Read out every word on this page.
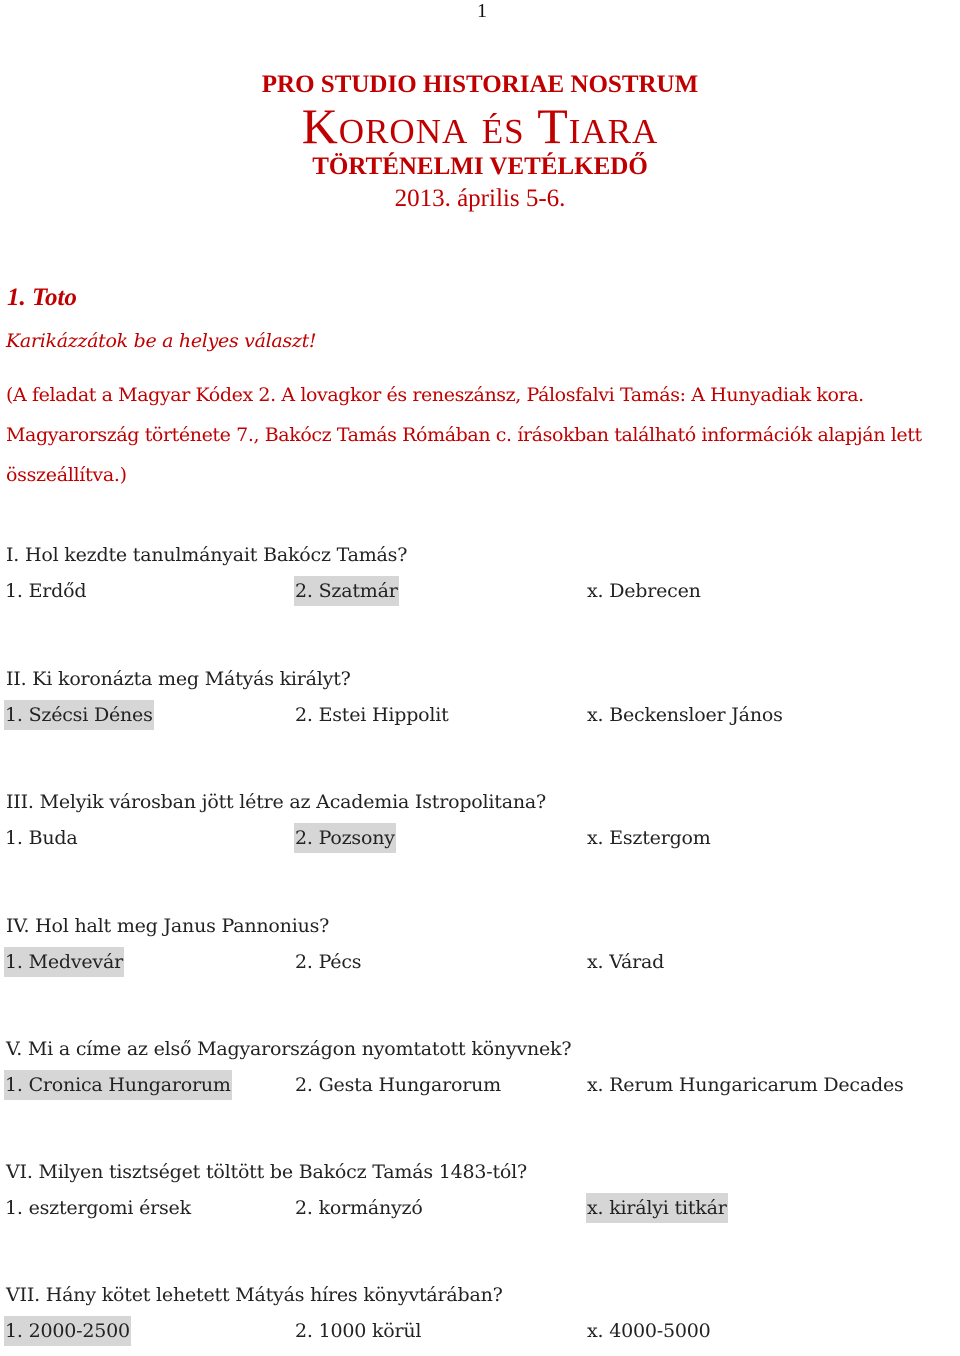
1
PRO STUDIO HISTORIAE NOSTRUM
Korona és Tiara
TÖRTÉNELMI VETÉLKEDŐ
2013. április 5-6.
1. Toto
Karikázzátok be a helyes választ!
(A feladat a Magyar Kódex 2. A lovagkor és reneszánsz, Pálosfalvi Tamás: A Hunyadiak kora.
Magyarország története 7., Bakócz Tamás Rómában c. írásokban található információk alapján lett
összeállítva.)
I. Hol kezdte tanulmányait Bakócz Tamás?
1. Erdőd	2. Szatmár	x. Debrecen
II. Ki koronázta meg Mátyás királyt?
1. Szécsi Dénes	2. Estei Hippolit	x. Beckensloer János
III. Melyik városban jött létre az Academia Istropolitana?
1. Buda	2. Pozsony	x. Esztergom
IV. Hol halt meg Janus Pannonius?
1. Medvevár	2. Pécs	x. Várad
V. Mi a címe az első Magyarországon nyomtatott könyvnek?
1. Cronica Hungarorum	2. Gesta Hungarorum	x. Rerum Hungaricarum Decades
VI. Milyen tisztséget töltött be Bakócz Tamás 1483-tól?
1. esztergomi érsek	2. kormányzó	x. királyi titkár
VII. Hány kötet lehetett Mátyás híres könyvtárában?
1. 2000-2500	2. 1000 körül	x. 4000-5000
